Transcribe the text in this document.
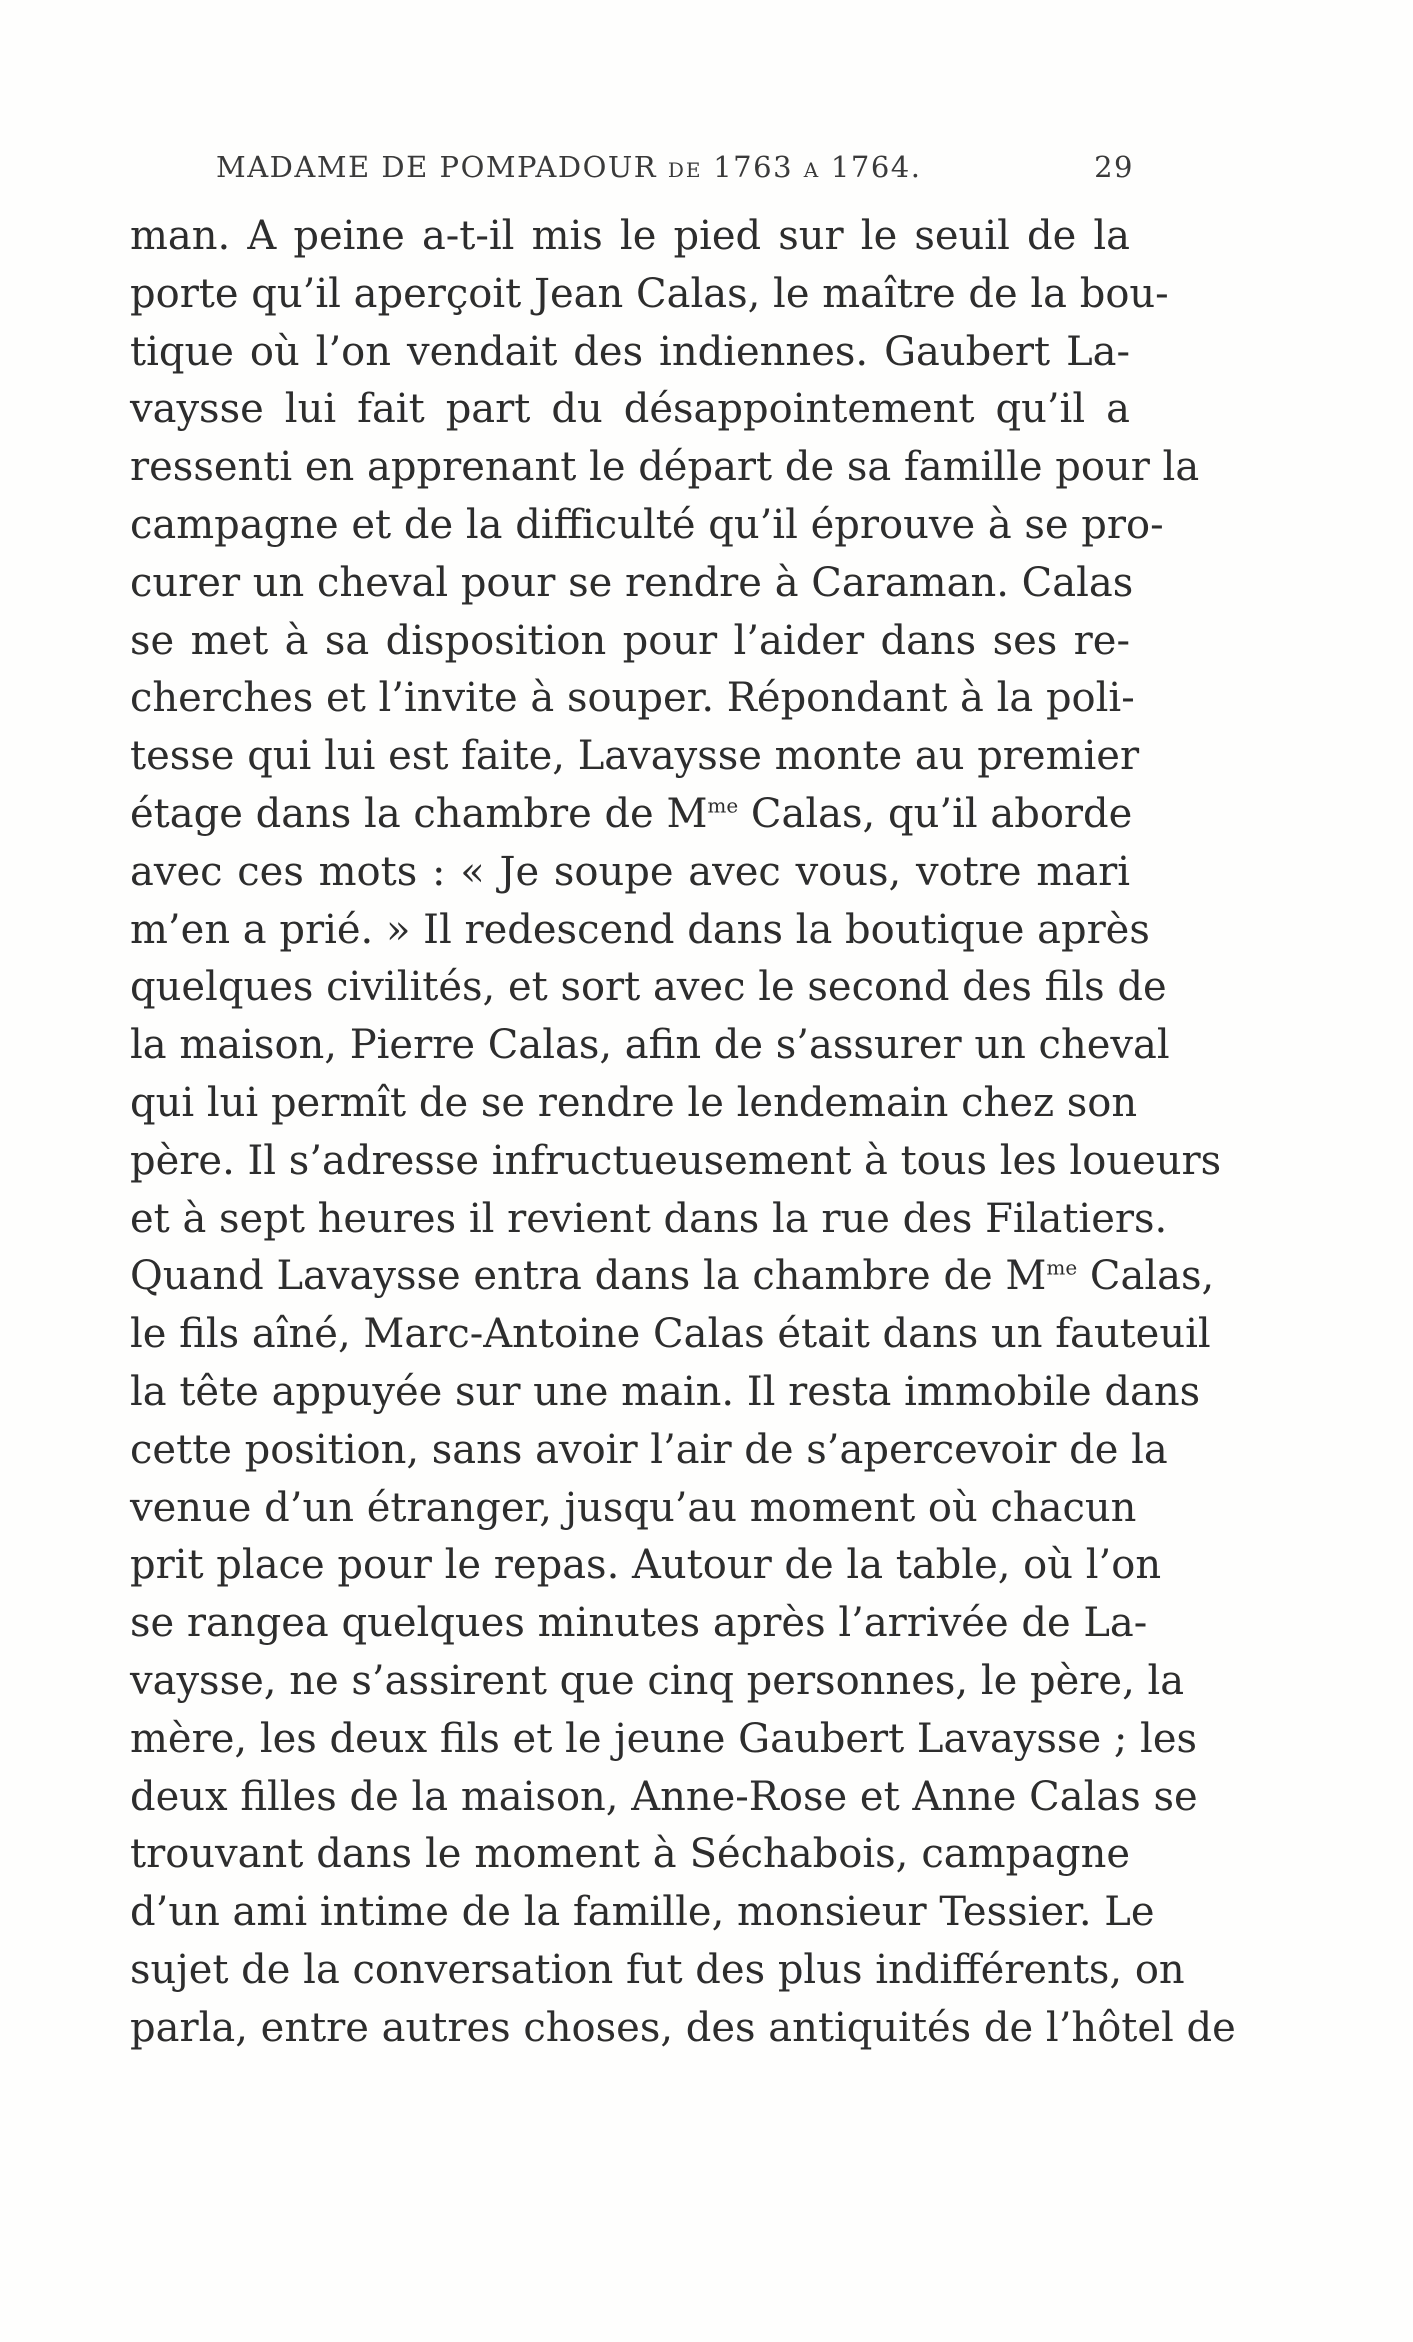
MADAME DE POMPADOUR DE 1763 A 1764.	29
man. A peine a-t-il mis le pied sur le seuil de la
porte qu’il aperçoit Jean Calas, le maître de la bou-
tique où l’on vendait des indiennes. Gaubert La-
vaysse lui fait part du désappointement qu’il a
ressenti en apprenant le départ de sa famille pour la
campagne et de la difficulté qu’il éprouve à se pro-
curer un cheval pour se rendre à Caraman. Calas
se met à sa disposition pour l’aider dans ses re-
cherches et l’invite à souper. Répondant à la poli-
tesse qui lui est faite, Lavaysse monte au premier
étage dans la chambre de $M^{me}$ Calas, qu’il aborde
avec ces mots : « Je soupe avec vous, votre mari
m’en a prié. » Il redescend dans la boutique après
quelques civilités, et sort avec le second des fils de
la maison, Pierre Calas, afin de s’assurer un cheval
qui lui permît de se rendre le lendemain chez son
père. Il s’adresse infructueusement à tous les loueurs
et à sept heures il revient dans la rue des Filatiers.
Quand Lavaysse entra dans la chambre de $M^{me}$ Calas,
le fils aîné, Marc-Antoine Calas était dans un fauteuil
la tête appuyée sur une main. Il resta immobile dans
cette position, sans avoir l’air de s’apercevoir de la
venue d’un étranger, jusqu’au moment où chacun
prit place pour le repas. Autour de la table, où l’on
se rangea quelques minutes après l’arrivée de La-
vaysse, ne s’assirent que cinq personnes, le père, la
mère, les deux fils et le jeune Gaubert Lavaysse ; les
deux filles de la maison, Anne-Rose et Anne Calas se
trouvant dans le moment à Séchabois, campagne
d’un ami intime de la famille, monsieur Tessier. Le
sujet de la conversation fut des plus indifférents, on
parla, entre autres choses, des antiquités de l’hôtel de
